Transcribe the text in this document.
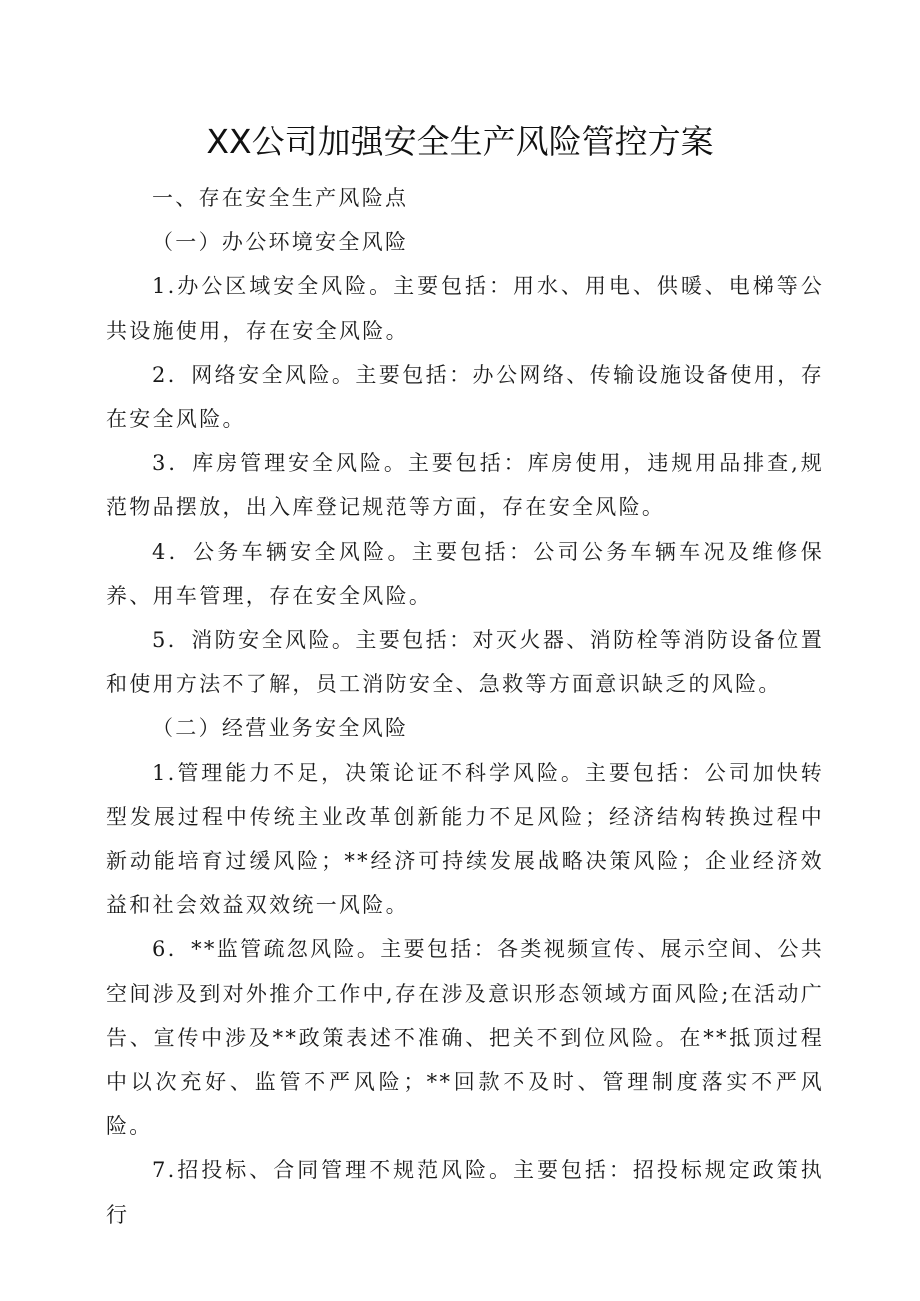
XX公司加强安全生产风险管控方案

一、存在安全生产风险点

（一）办公环境安全风险

1.办公区域安全风险。主要包括：用水、用电、供暖、电梯等公共设施使用，存在安全风险。

2．网络安全风险。主要包括：办公网络、传输设施设备使用，存在安全风险。

3．库房管理安全风险。主要包括：库房使用，违规用品排查,规范物品摆放，出入库登记规范等方面，存在安全风险。

4．公务车辆安全风险。主要包括：公司公务车辆车况及维修保养、用车管理，存在安全风险。

5．消防安全风险。主要包括：对灭火器、消防栓等消防设备位置和使用方法不了解，员工消防安全、急救等方面意识缺乏的风险。

（二）经营业务安全风险

1.管理能力不足，决策论证不科学风险。主要包括：公司加快转型发展过程中传统主业改革创新能力不足风险；经济结构转换过程中新动能培育过缓风险；**经济可持续发展战略决策风险；企业经济效益和社会效益双效统一风险。

6．**监管疏忽风险。主要包括：各类视频宣传、展示空间、公共空间涉及到对外推介工作中,存在涉及意识形态领域方面风险;在活动广告、宣传中涉及**政策表述不准确、把关不到位风险。在**抵顶过程中以次充好、监管不严风险；**回款不及时、管理制度落实不严风险。

7.招投标、合同管理不规范风险。主要包括：招投标规定政策执行
